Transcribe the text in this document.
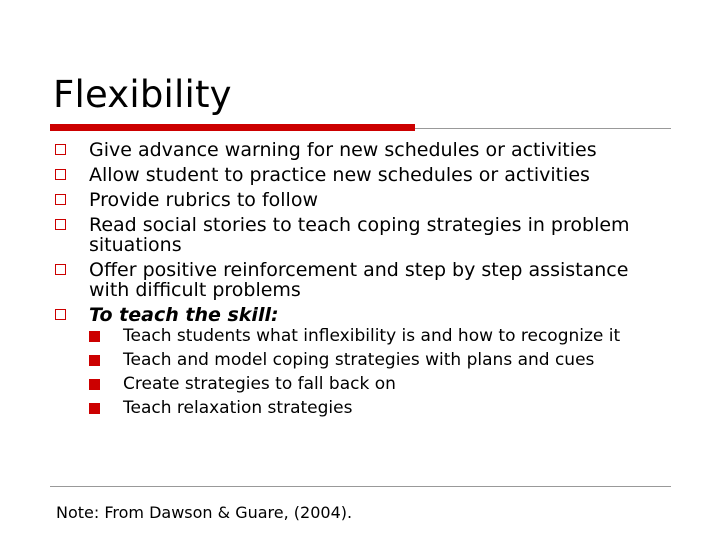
Flexibility
Give advance warning for new schedules or activities
Allow student to practice new schedules or activities
Provide rubrics to follow
Read social stories to teach coping strategies in problem situations
Offer positive reinforcement and step by step assistance with difficult problems
To teach the skill:
Teach students what inflexibility is and how to recognize it
Teach and model coping strategies with plans and cues
Create strategies to fall back on
Teach relaxation strategies
Note: From Dawson & Guare, (2004).
